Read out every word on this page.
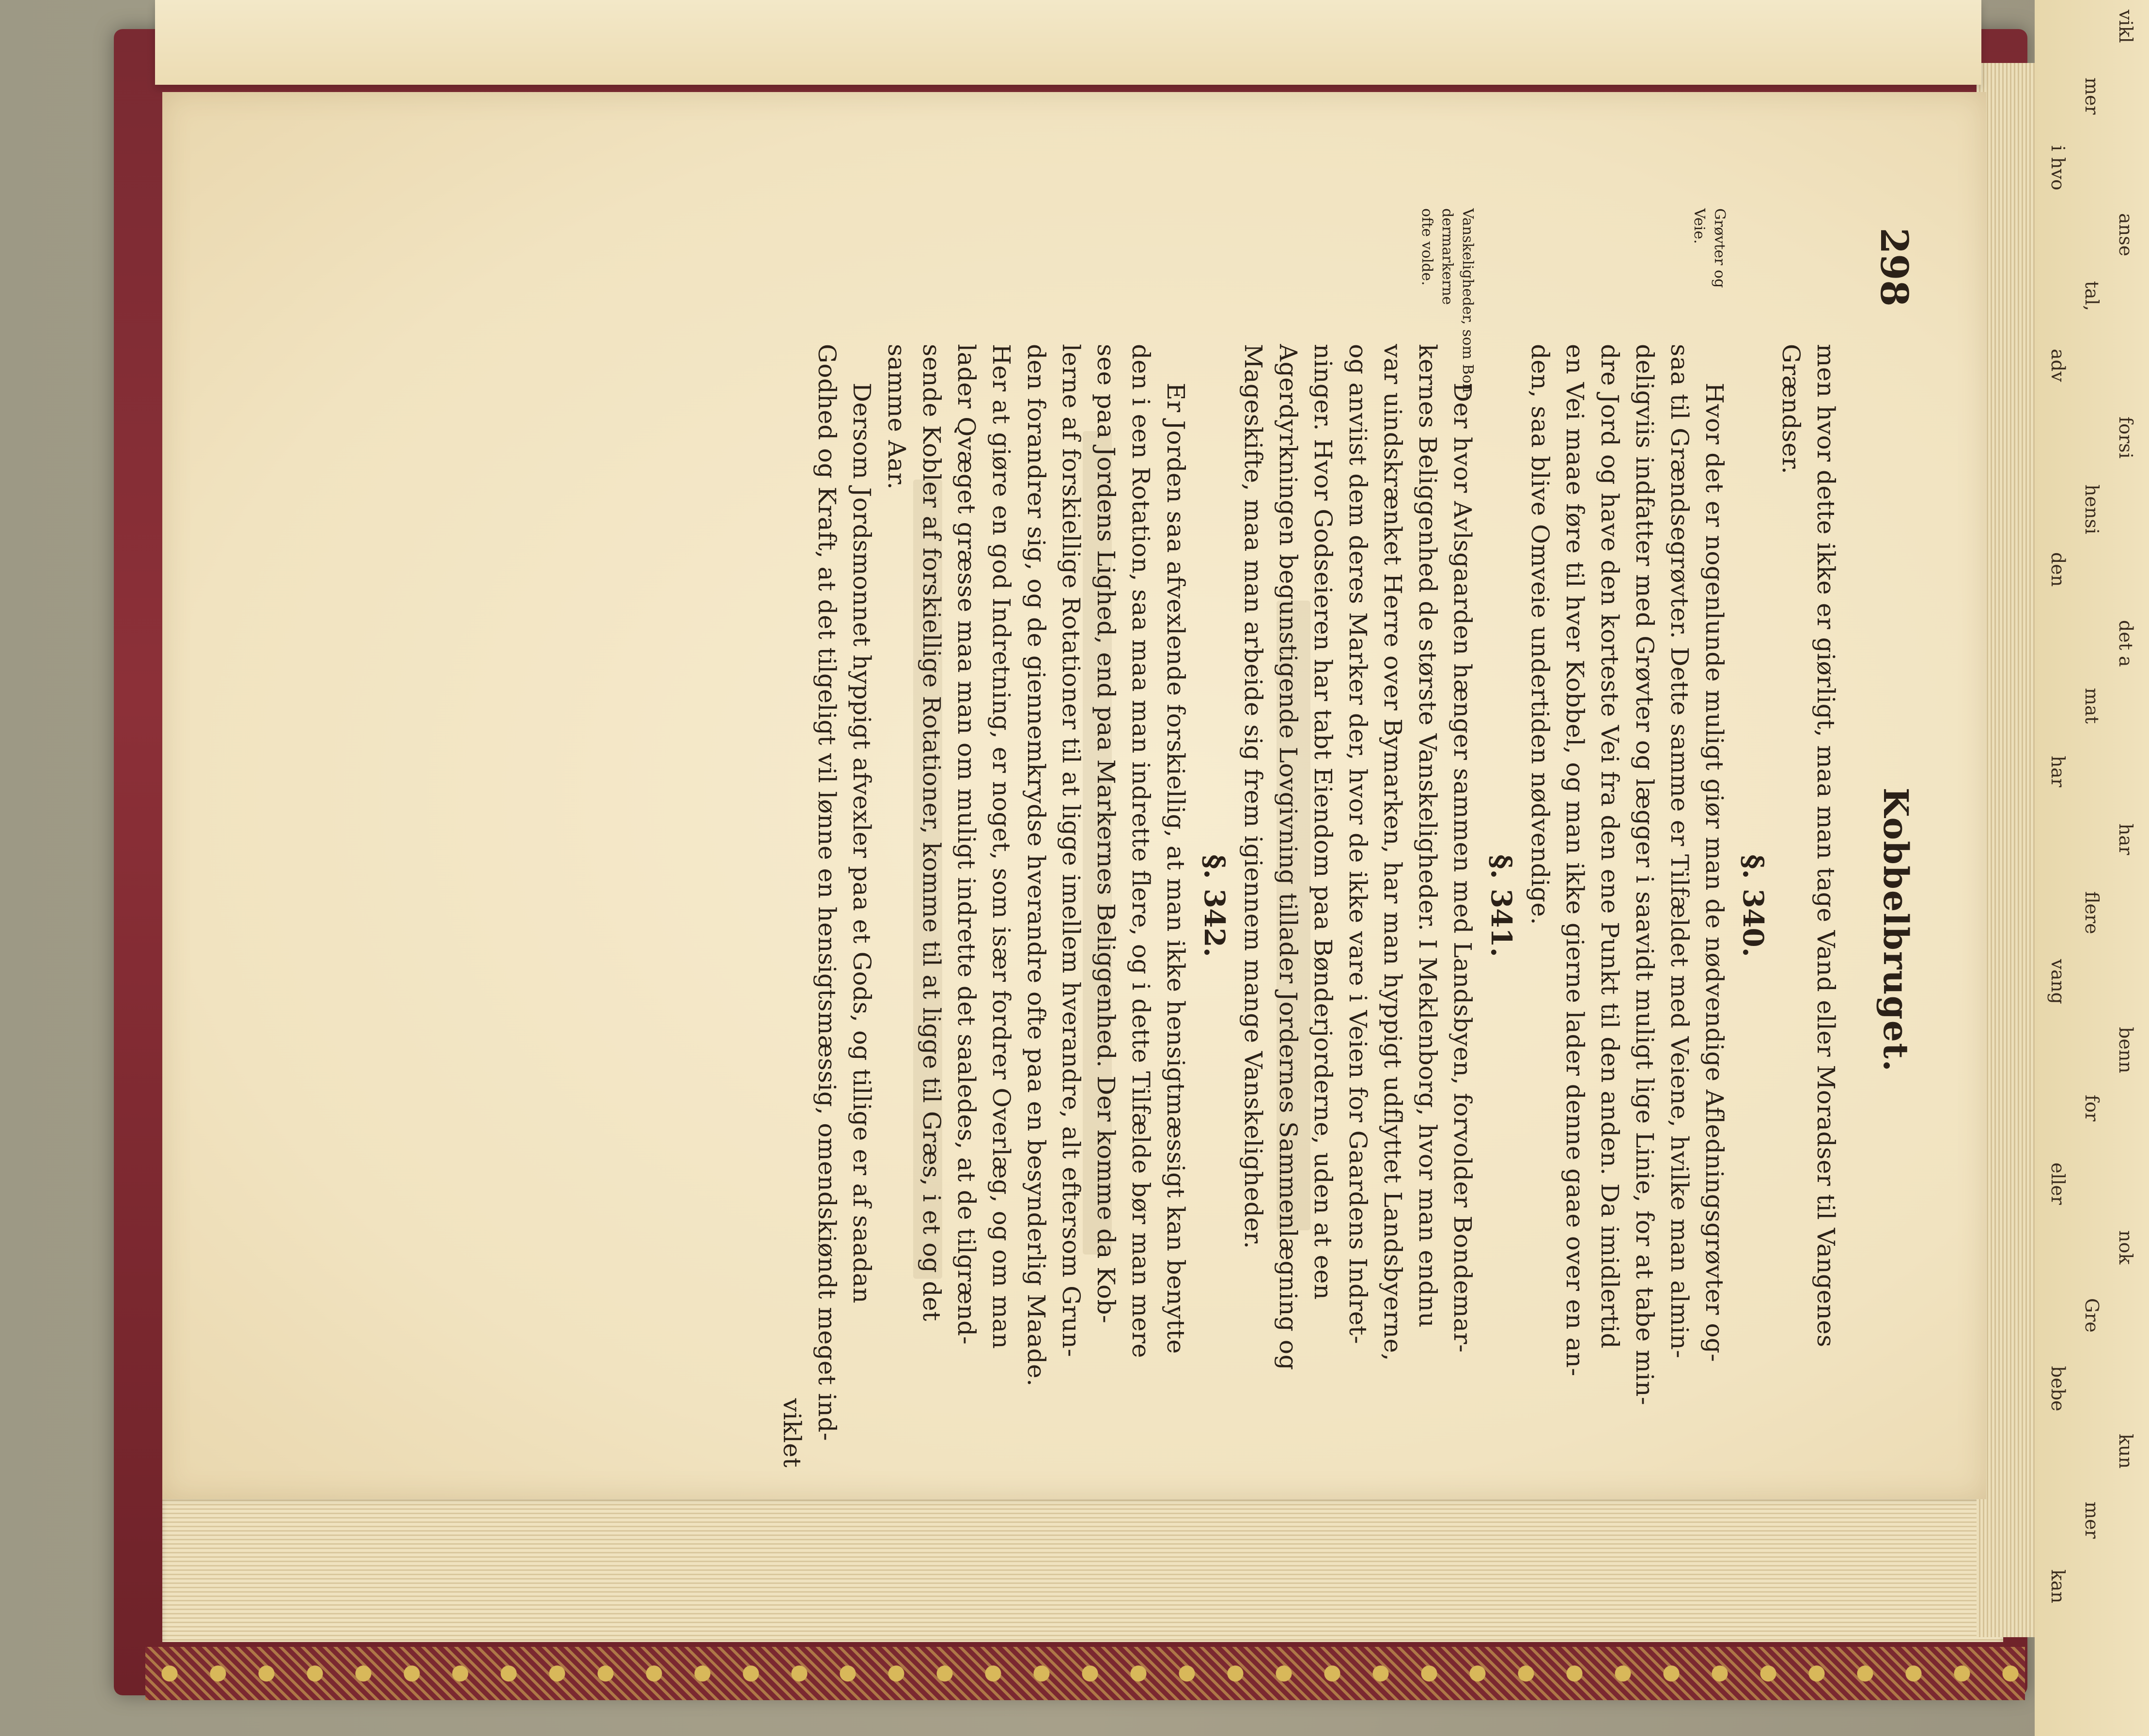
vikl
mer
i hvo
anse
tal,
adv
forsi
hensi
den
det a
mat
har
har
flere
vang
benn
for
eller
nok
Gre
bebe
kun
mer
kan
298
Kobbelbruget.
men hvor dette ikke er giørligt, maa man tage Vand eller Moradser til Vangenes
Grændser.
§. 340.
Grøvter og
Veie.
Hvor det er nogenlunde muligt giør man de nødvendige Afledningsgrøvter og-
saa til Grændsegrøvter. Dette samme er Tilfældet med Veiene, hvilke man almin-
deligviis indfatter med Grøvter og lægger i saavidt muligt lige Linie, for at tabe min-
dre Jord og have den korteste Vei fra den ene Punkt til den anden. Da imidlertid
en Vei maae føre til hver Kobbel, og man ikke gierne lader denne gaae over en an-
den, saa blive Omveie undertiden nødvendige.
§. 341.
Vanskeligheder, som Bon-
dermarkerne
ofte volde.
Der hvor Avlsgaarden hænger sammen med Landsbyen, forvolder Bondemar-
kernes Beliggenhed de største Vanskeligheder. I Meklenborg, hvor man endnu
var uindskrænket Herre over Bymarken, har man hyppigt udflyttet Landsbyerne,
og anviist dem deres Marker der, hvor de ikke vare i Veien for Gaardens Indret-
ninger. Hvor Godseieren har tabt Eiendom paa Bønderjorderne, uden at een
Agerdyrkningen begunstigende Lovgivning tillader Jordernes Sammenlægning og
Mageskifte, maa man arbeide sig frem igiennem mange Vanskeligheder.
§. 342.
Er Jorden saa afvexlende forskiellig, at man ikke hensigtmæssigt kan benytte
den i een Rotation, saa maa man indrette flere, og i dette Tilfælde bør man mere
see paa Jordens Lighed, end paa Markernes Beliggenhed. Der komme da Kob-
lerne af forskiellige Rotationer til at ligge imellem hverandre, alt eftersom Grun-
den forandrer sig, og de giennemkrydse hverandre ofte paa en besynderlig Maade.
Her at giøre en god Indretning, er noget, som især fordrer Overlæg, og om man
lader Qvæget græsse maa man om muligt indrette det saaledes, at de tilgrænd-
sende Kobler af forskiellige Rotationer, komme til at ligge til Græs, i et og det
samme Aar.
Dersom Jordsmonnet hyppigt afvexler paa et Gods, og tillige er af saadan
Godhed og Kraft, at det tilgeligt vil lønne en hensigtsmæssig, omendskiøndt meget ind-
viklet
